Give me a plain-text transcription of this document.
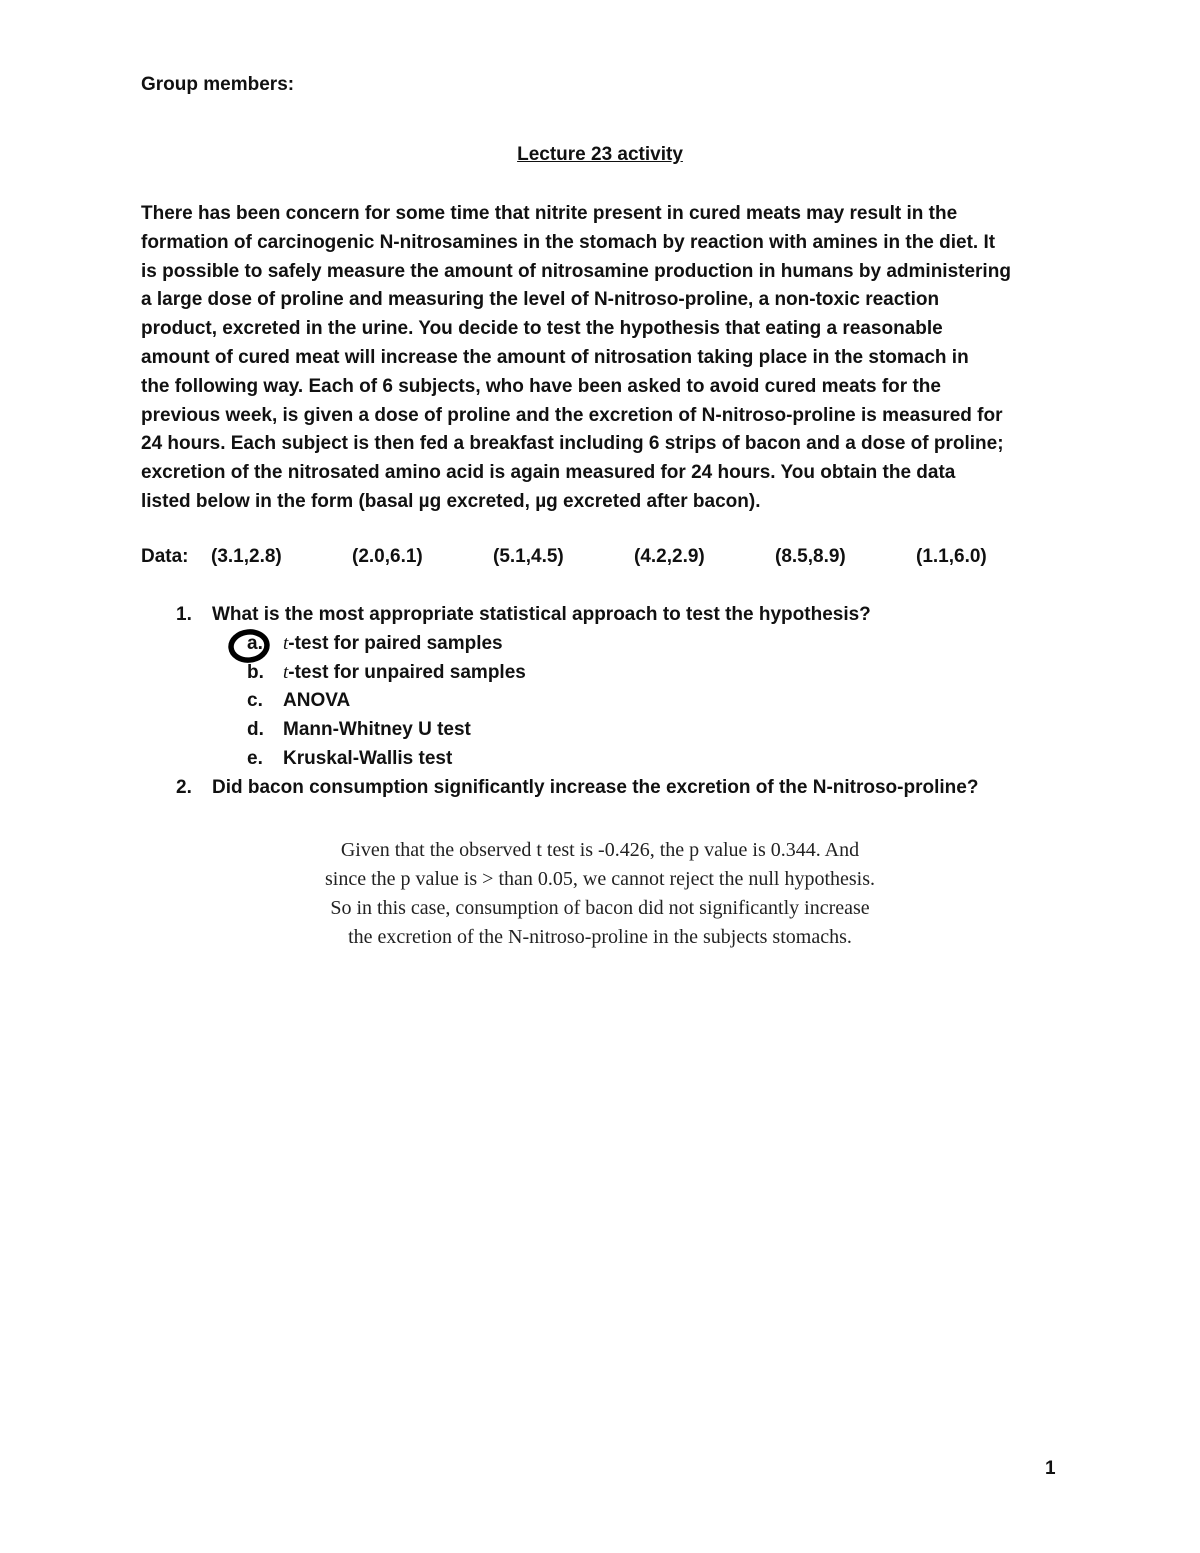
Group members:
Lecture 23 activity

There has been concern for some time that nitrite present in cured meats may result in the
formation of carcinogenic N-nitrosamines in the stomach by reaction with amines in the diet. It
is possible to safely measure the amount of nitrosamine production in humans by administering
a large dose of proline and measuring the level of N-nitroso-proline, a non-toxic reaction
product, excreted in the urine. You decide to test the hypothesis that eating a reasonable
amount of cured meat will increase the amount of nitrosation taking place in the stomach in
the following way. Each of 6 subjects, who have been asked to avoid cured meats for the
previous week, is given a dose of proline and the excretion of N-nitroso-proline is measured for
24 hours. Each subject is then fed a breakfast including 6 strips of bacon and a dose of proline;
excretion of the nitrosated amino acid is again measured for 24 hours. You obtain the data
listed below in the form (basal µg excreted, µg excreted after bacon).

Data: (3.1,2.8)	(2.0,6.1)	(5.1,4.5)	(4.2,2.9)	(8.5,8.9)	(1.1,6.0)
1. What is the most appropriate statistical approach to test the hypothesis?
a. t-test for paired samples
b. t-test for unpaired samples
c. ANOVA
d. Mann-Whitney U test
e. Kruskal-Wallis test
2. Did bacon consumption significantly increase the excretion of the N-nitroso-proline?
Given that the observed t test is -0.426, the p value is 0.344. And
since the p value is > than 0.05, we cannot reject the null hypothesis.
So in this case, consumption of bacon did not significantly increase
the excretion of the N-nitroso-proline in the subjects stomachs.
1
